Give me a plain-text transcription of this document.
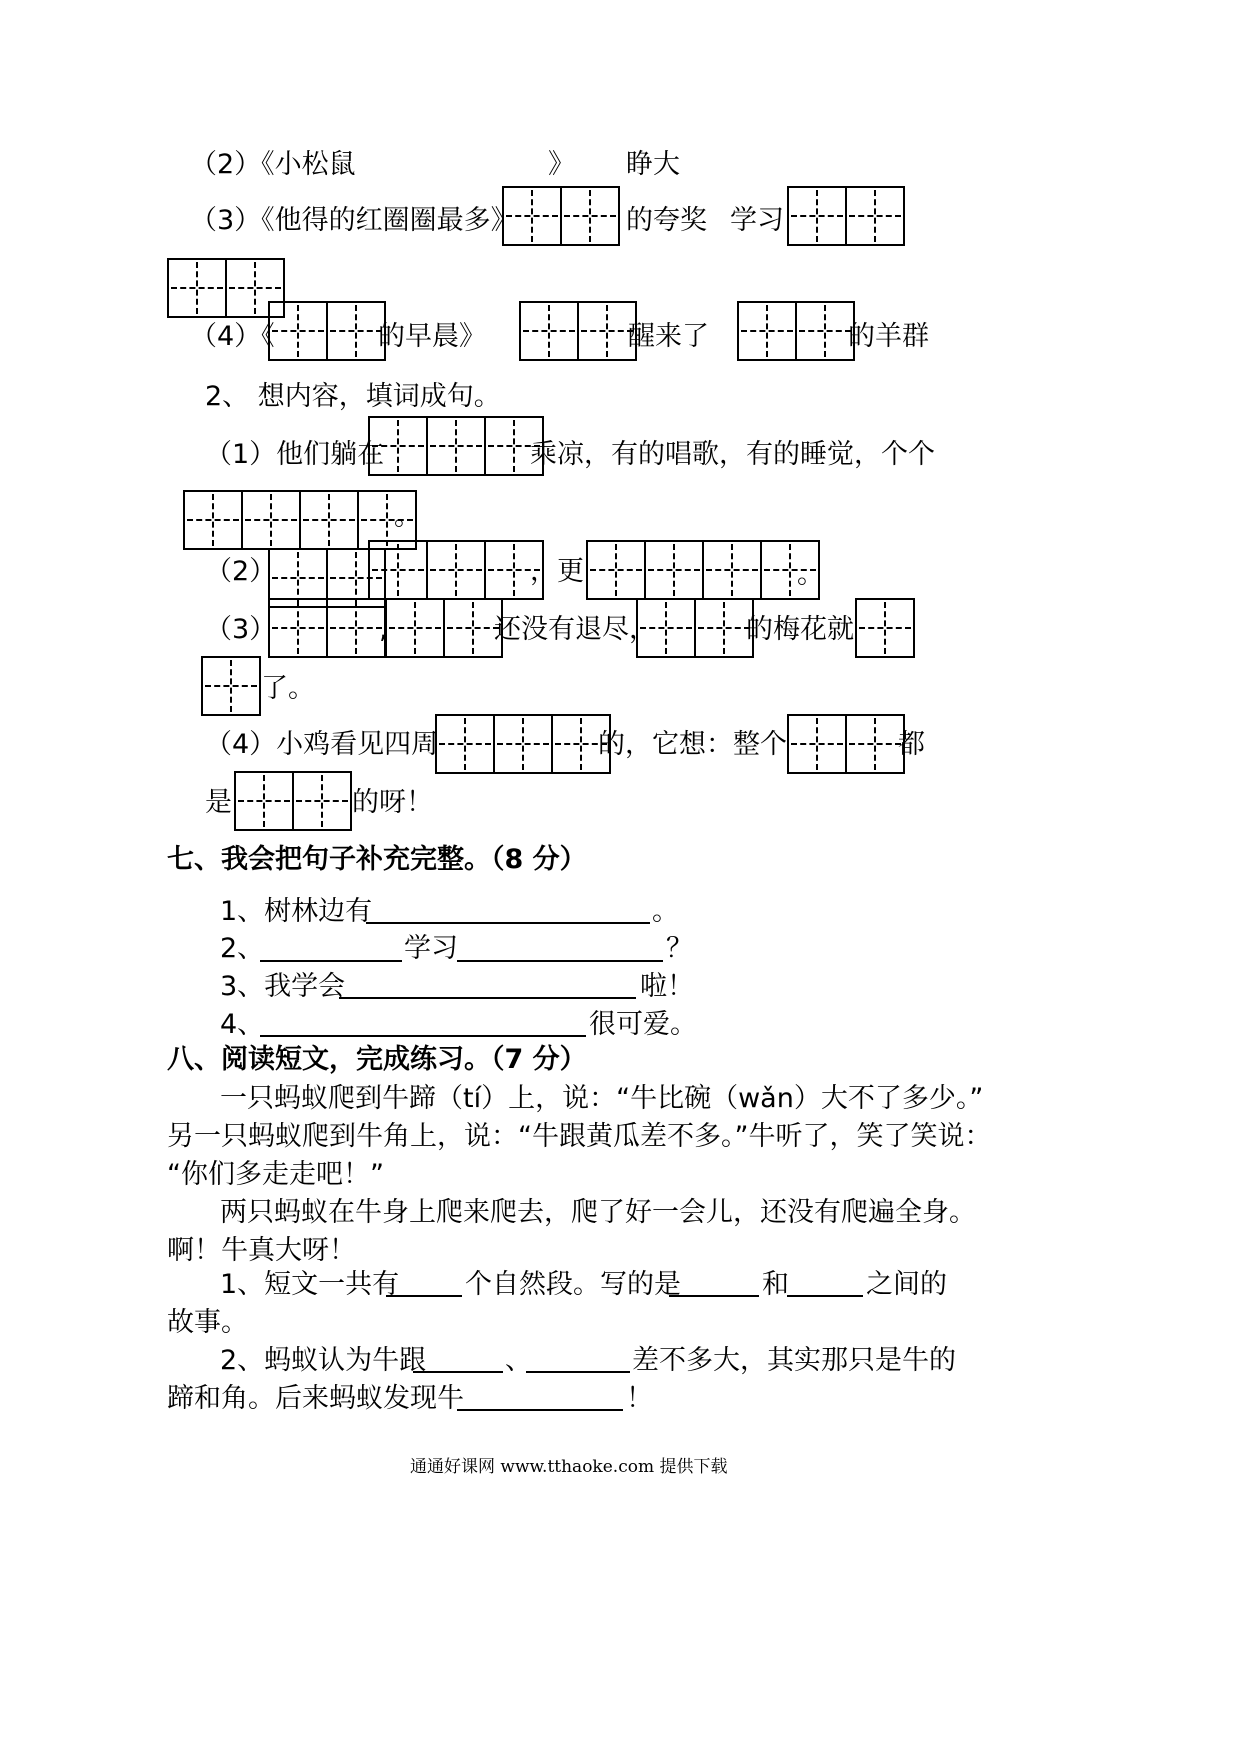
（2）《小松鼠	》 睁大
（3）《他得的红圈圈最多》	的夸奖 学习
（4）《	的早晨》	醒来了	的羊群
2、 想内容，填词成句。
（1）他们躺在	乘凉，有的唱歌，有的睡觉，个个
。
（2）	，更	。
（3）	,	还没有退尽，	的梅花就
了。
（4）小鸡看见四周	的，它想：整个	都
是	的呀！
七、我会把句子补充完整。（8 分）
1、树林边有	。
2、	学习	？
3、我学会	啦！
4、	很可爱。
八、阅读短文，完成练习。（7 分）
一只蚂蚁爬到牛蹄（tí）上，说：“牛比碗（wǎn）大不了多少。”
另一只蚂蚁爬到牛角上，说：“牛跟黄瓜差不多。”牛听了，笑了笑说：
“你们多走走吧！”
两只蚂蚁在牛身上爬来爬去，爬了好一会儿，还没有爬遍全身。
啊！牛真大呀！
1、短文一共有 个自然段。写的是	和	之间的
故事。
2、蚂蚁认为牛跟	、	差不多大，其实那只是牛的
蹄和角。后来蚂蚁发现牛	！
通通好课网 www.tthaoke.com 提供下载
